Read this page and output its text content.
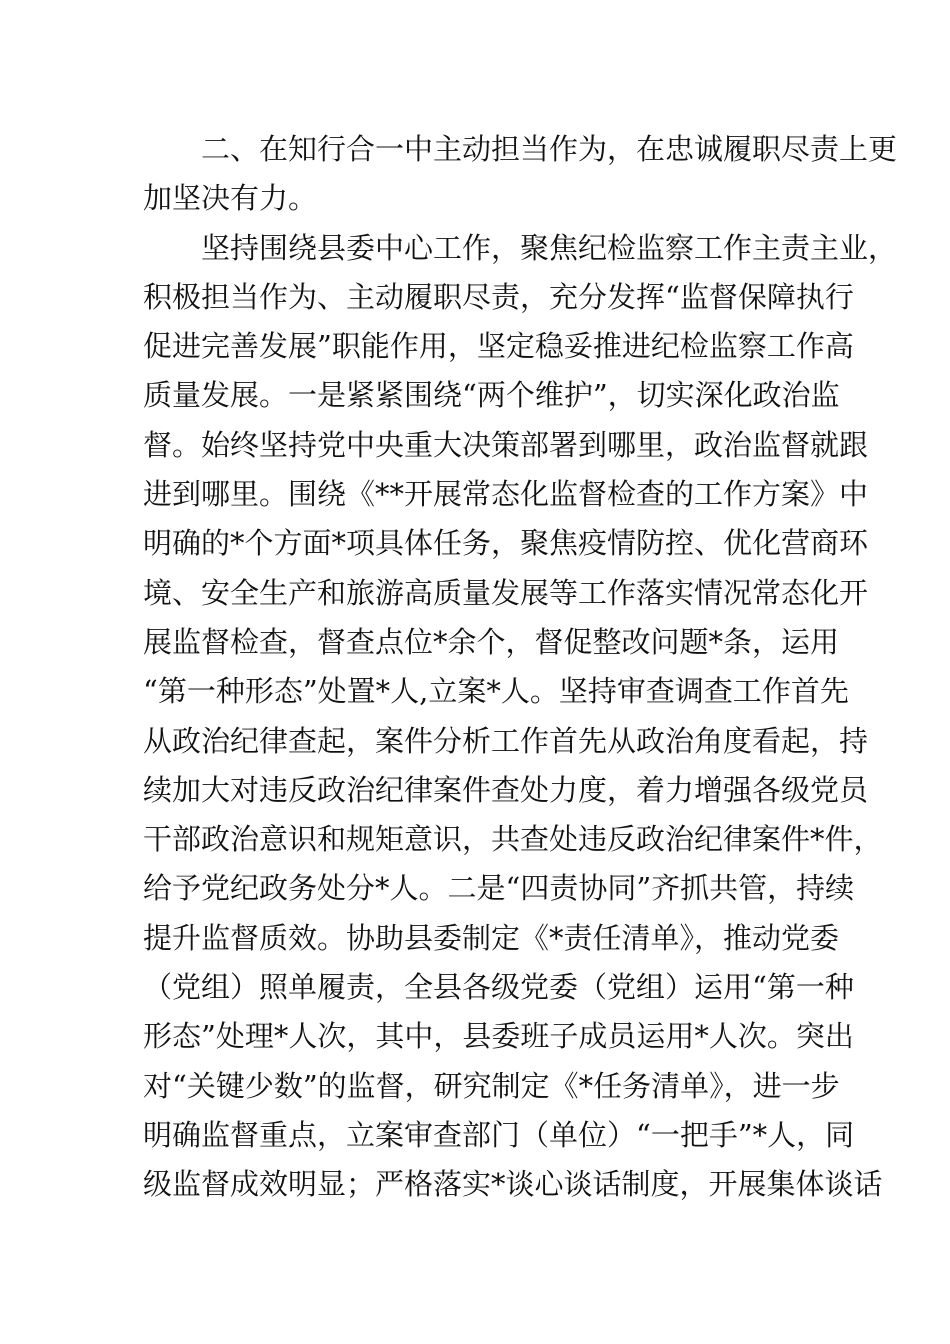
　　二、在知行合一中主动担当作为，在忠诚履职尽责上更
加坚决有力。
　　坚持围绕县委中心工作，聚焦纪检监察工作主责主业，
积极担当作为、主动履职尽责，充分发挥“监督保障执行
促进完善发展”职能作用，坚定稳妥推进纪检监察工作高
质量发展。一是紧紧围绕“两个维护”，切实深化政治监
督。始终坚持党中央重大决策部署到哪里，政治监督就跟
进到哪里。围绕《**开展常态化监督检查的工作方案》中
明确的*个方面*项具体任务，聚焦疫情防控、优化营商环
境、安全生产和旅游高质量发展等工作落实情况常态化开
展监督检查，督查点位*余个，督促整改问题*条，运用
“第一种形态”处置*人,立案*人。坚持审查调查工作首先
从政治纪律查起，案件分析工作首先从政治角度看起，持
续加大对违反政治纪律案件查处力度，着力增强各级党员
干部政治意识和规矩意识，共查处违反政治纪律案件*件，
给予党纪政务处分*人。二是“四责协同”齐抓共管，持续
提升监督质效。协助县委制定《*责任清单》，推动党委
（党组）照单履责，全县各级党委（党组）运用“第一种
形态”处理*人次，其中，县委班子成员运用*人次。突出
对“关键少数”的监督，研究制定《*任务清单》，进一步
明确监督重点，立案审查部门（单位）“一把手”*人，同
级监督成效明显；严格落实*谈心谈话制度，开展集体谈话
